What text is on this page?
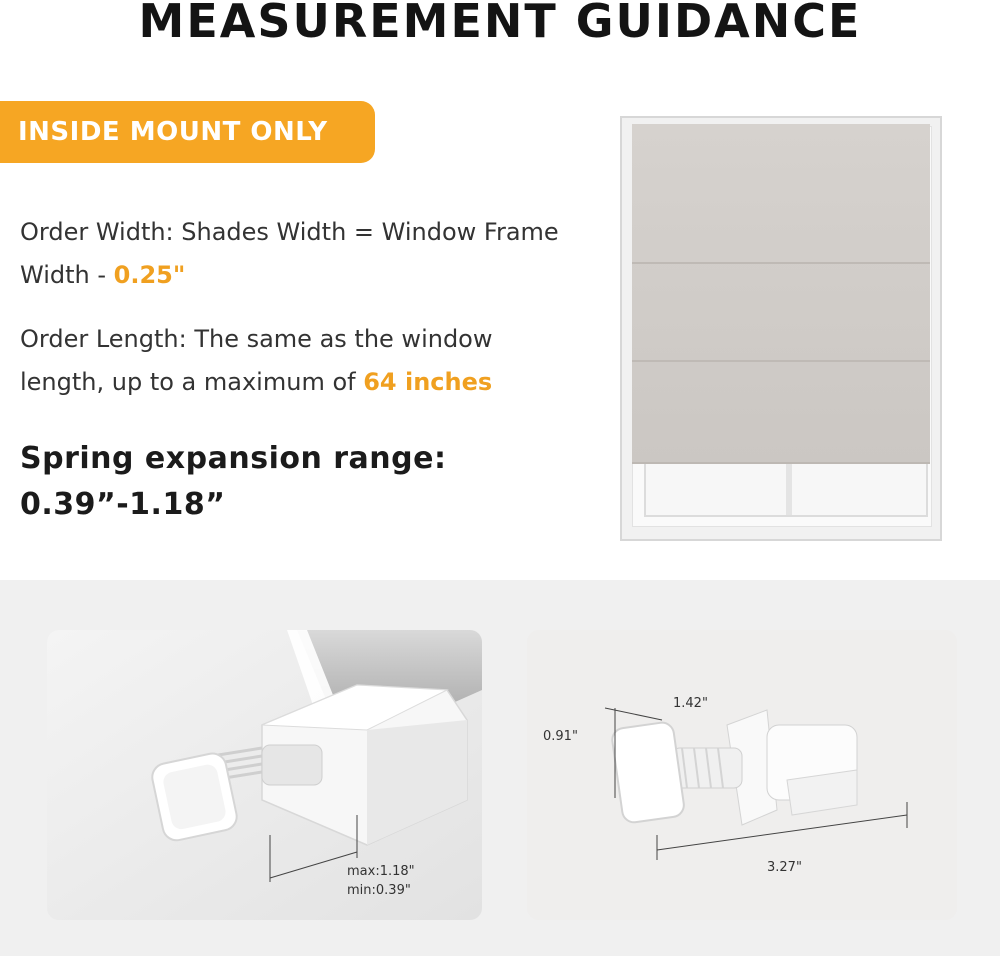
MEASUREMENT GUIDANCE
INSIDE MOUNT ONLY
Order Width: Shades Width = Window Frame Width - 0.25"
Order Length: The same as the window length, up to a maximum of 64 inches
Spring expansion range:
0.39”-1.18”
max:1.18"
min:0.39"
1.42"
0.91"
3.27"
